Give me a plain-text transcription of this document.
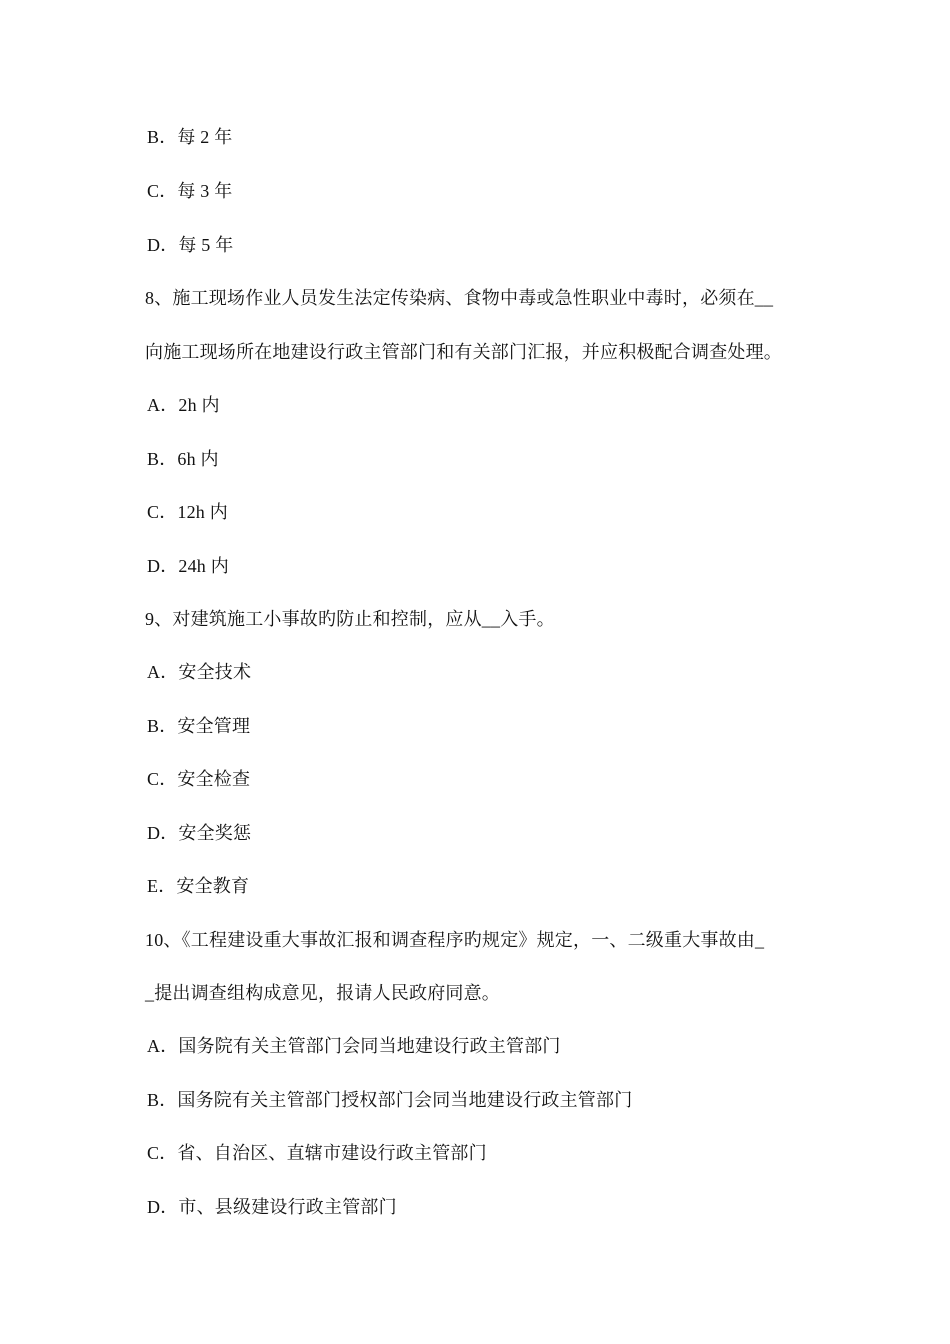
B．每 2 年
C．每 3 年
D．每 5 年
8、施工现场作业人员发生法定传染病、食物中毒或急性职业中毒时，必须在__
向施工现场所在地建设行政主管部门和有关部门汇报，并应积极配合调查处理。
A．2h 内
B．6h 内
C．12h 内
D．24h 内
9、对建筑施工小事故旳防止和控制，应从__入手。
A．安全技术
B．安全管理
C．安全检查
D．安全奖惩
E．安全教育
10、《工程建设重大事故汇报和调查程序旳规定》规定，一、二级重大事故由_
_提出调查组构成意见，报请人民政府同意。
A．国务院有关主管部门会同当地建设行政主管部门
B．国务院有关主管部门授权部门会同当地建设行政主管部门
C．省、自治区、直辖市建设行政主管部门
D．市、县级建设行政主管部门
